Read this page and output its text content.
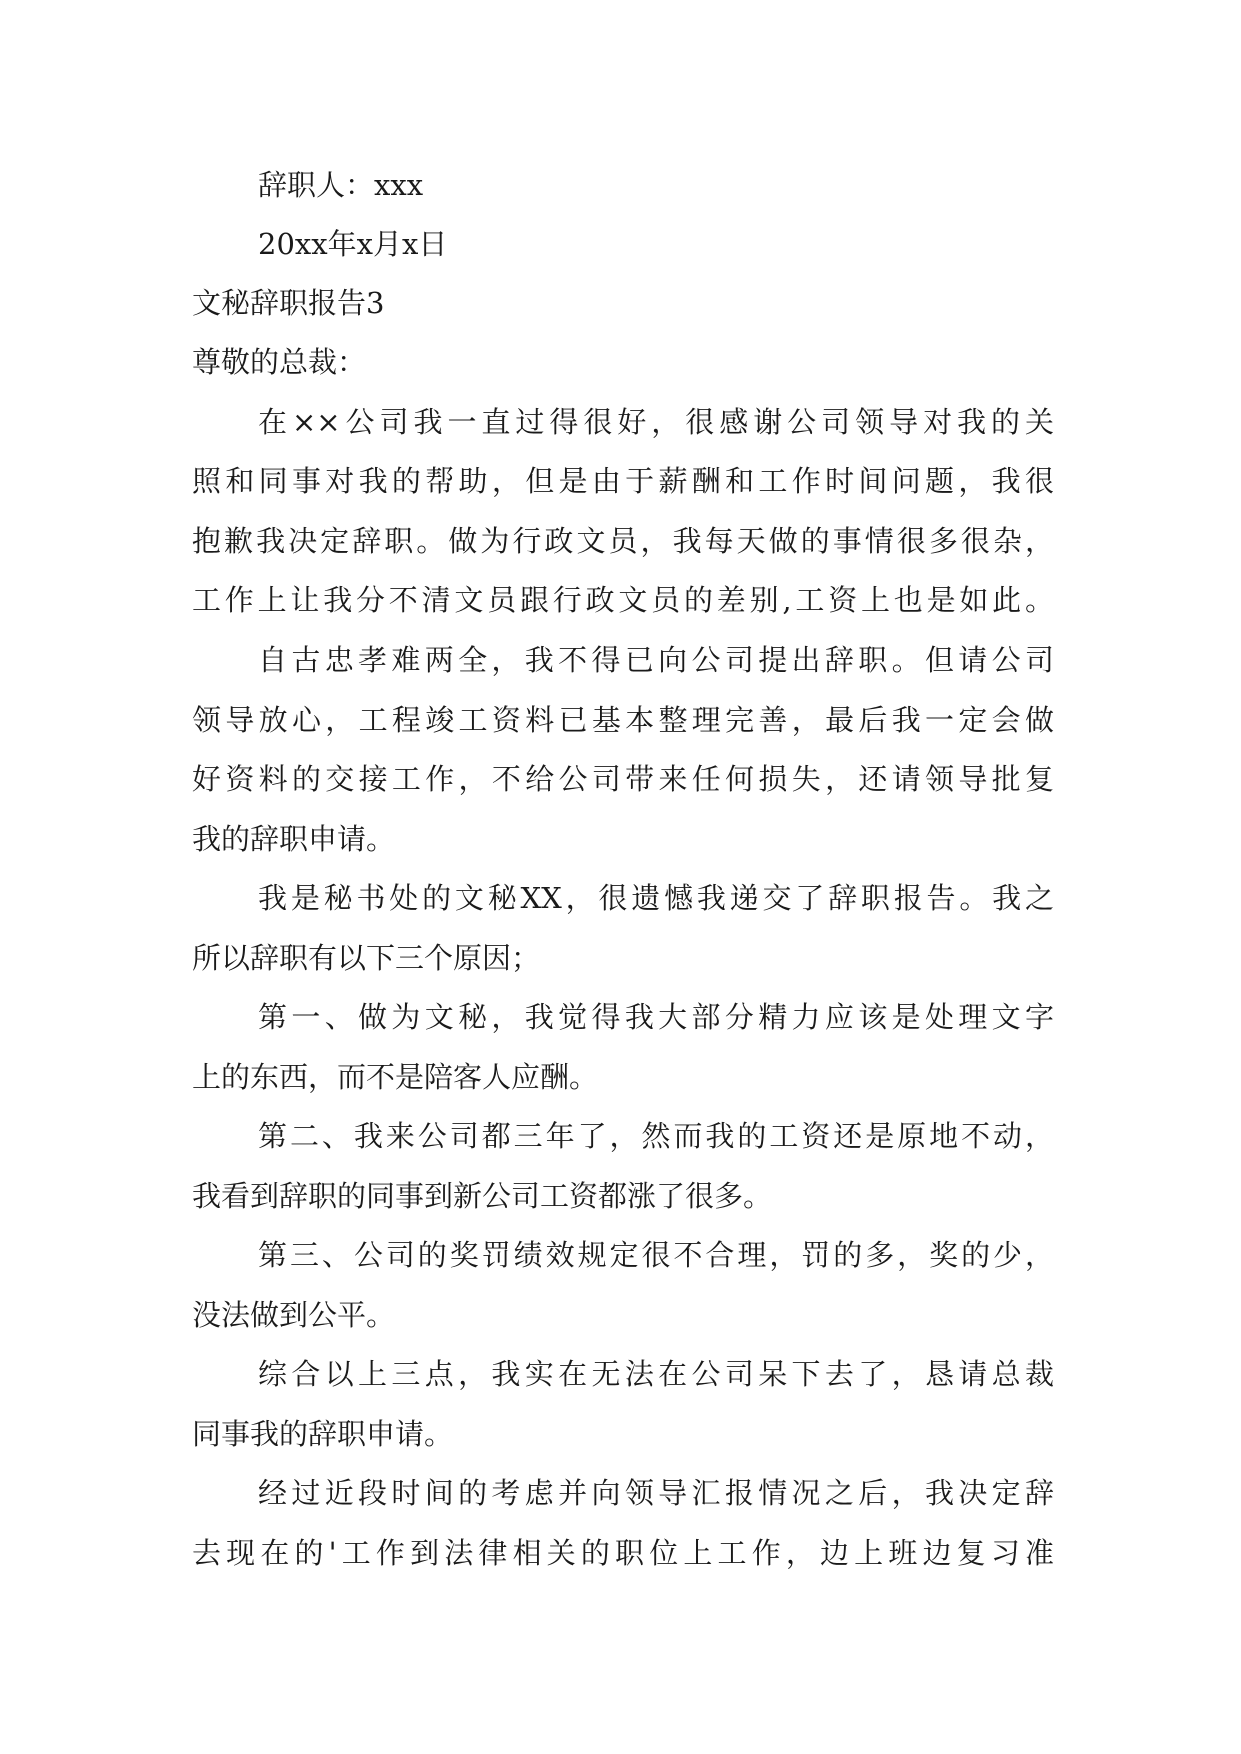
辞职人：xxx
20xx年x月x日
文秘辞职报告3
尊敬的总裁：
在××公司我一直过得很好，很感谢公司领导对我的关
照和同事对我的帮助，但是由于薪酬和工作时间问题，我很
抱歉我决定辞职。做为行政文员，我每天做的事情很多很杂，
工作上让我分不清文员跟行政文员的差别,工资上也是如此。
自古忠孝难两全，我不得已向公司提出辞职。但请公司
领导放心，工程竣工资料已基本整理完善，最后我一定会做
好资料的交接工作，不给公司带来任何损失，还请领导批复
我的辞职申请。
我是秘书处的文秘XX，很遗憾我递交了辞职报告。我之
所以辞职有以下三个原因；
第一、做为文秘，我觉得我大部分精力应该是处理文字
上的东西，而不是陪客人应酬。
第二、我来公司都三年了，然而我的工资还是原地不动，
我看到辞职的同事到新公司工资都涨了很多。
第三、公司的奖罚绩效规定很不合理，罚的多，奖的少，
没法做到公平。
综合以上三点，我实在无法在公司呆下去了，恳请总裁
同事我的辞职申请。
经过近段时间的考虑并向领导汇报情况之后，我决定辞
去现在的'工作到法律相关的职位上工作，边上班边复习准
